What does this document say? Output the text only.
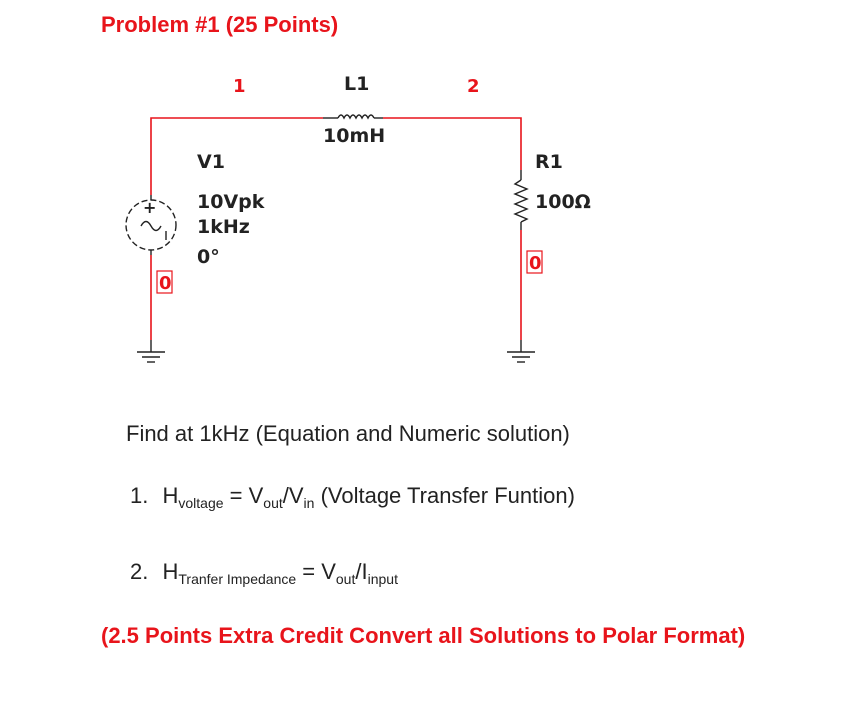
Problem #1 (25 Points)
+
1	2
0
0
L1
10mH
V1
10Vpk
1kHz
0°
R1
100Ω
Find at 1kHz (Equation and Numeric solution)
1. $H_{voltage} = V_{out}/V_{in}$ (Voltage Transfer Funtion)
2. $H_{Tranfer Impedance} = V_{out}/I_{input}$
(2.5 Points Extra Credit Convert all Solutions to Polar Format)
